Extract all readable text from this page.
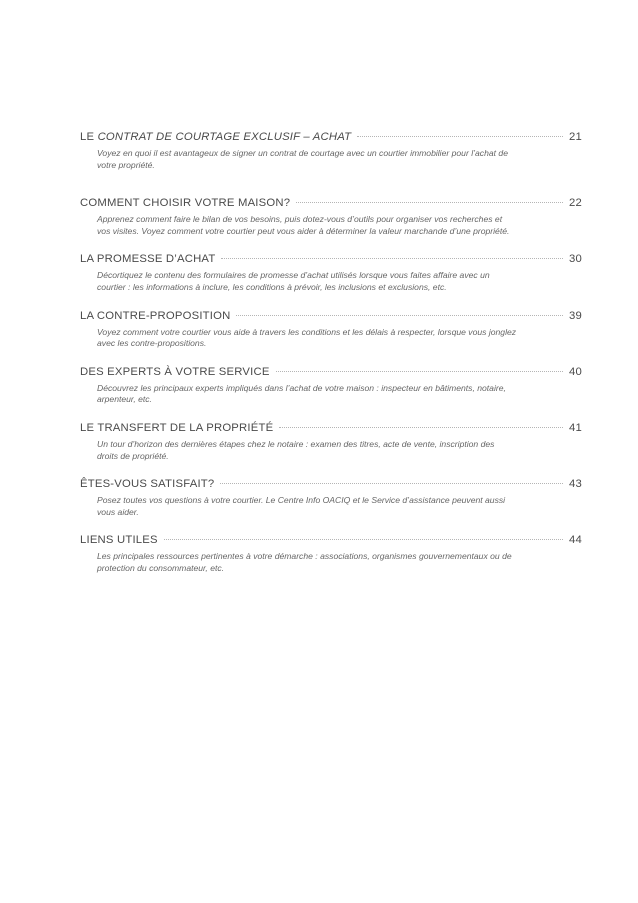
LE CONTRAT DE COURTAGE EXCLUSIF – ACHAT	21
Voyez en quoi il est avantageux de signer un contrat de courtage avec un courtier immobilier pour l’achat de votre propriété.
COMMENT CHOISIR VOTRE MAISON?	22
Apprenez comment faire le bilan de vos besoins, puis dotez-vous d’outils pour organiser vos recherches et vos visites. Voyez comment votre courtier peut vous aider à déterminer la valeur marchande d’une propriété.
LA PROMESSE D’ACHAT	30
Décortiquez le contenu des formulaires de promesse d’achat utilisés lorsque vous faites affaire avec un courtier : les informations à inclure, les conditions à prévoir, les inclusions et exclusions, etc.
LA CONTRE-PROPOSITION	39
Voyez comment votre courtier vous aide à travers les conditions et les délais à respecter, lorsque vous jonglez avec les contre-propositions.
DES EXPERTS À VOTRE SERVICE	40
Découvrez les principaux experts impliqués dans l’achat de votre maison : inspecteur en bâtiments, notaire, arpenteur, etc.
LE TRANSFERT DE LA PROPRIÉTÉ	41
Un tour d’horizon des dernières étapes chez le notaire : examen des titres, acte de vente, inscription des droits de propriété.
ÊTES-VOUS SATISFAIT?	43
Posez toutes vos questions à votre courtier. Le Centre Info OACIQ et le Service d’assistance peuvent aussi vous aider.
LIENS UTILES	44
Les principales ressources pertinentes à votre démarche : associations, organismes gouvernementaux ou de protection du consommateur, etc.
